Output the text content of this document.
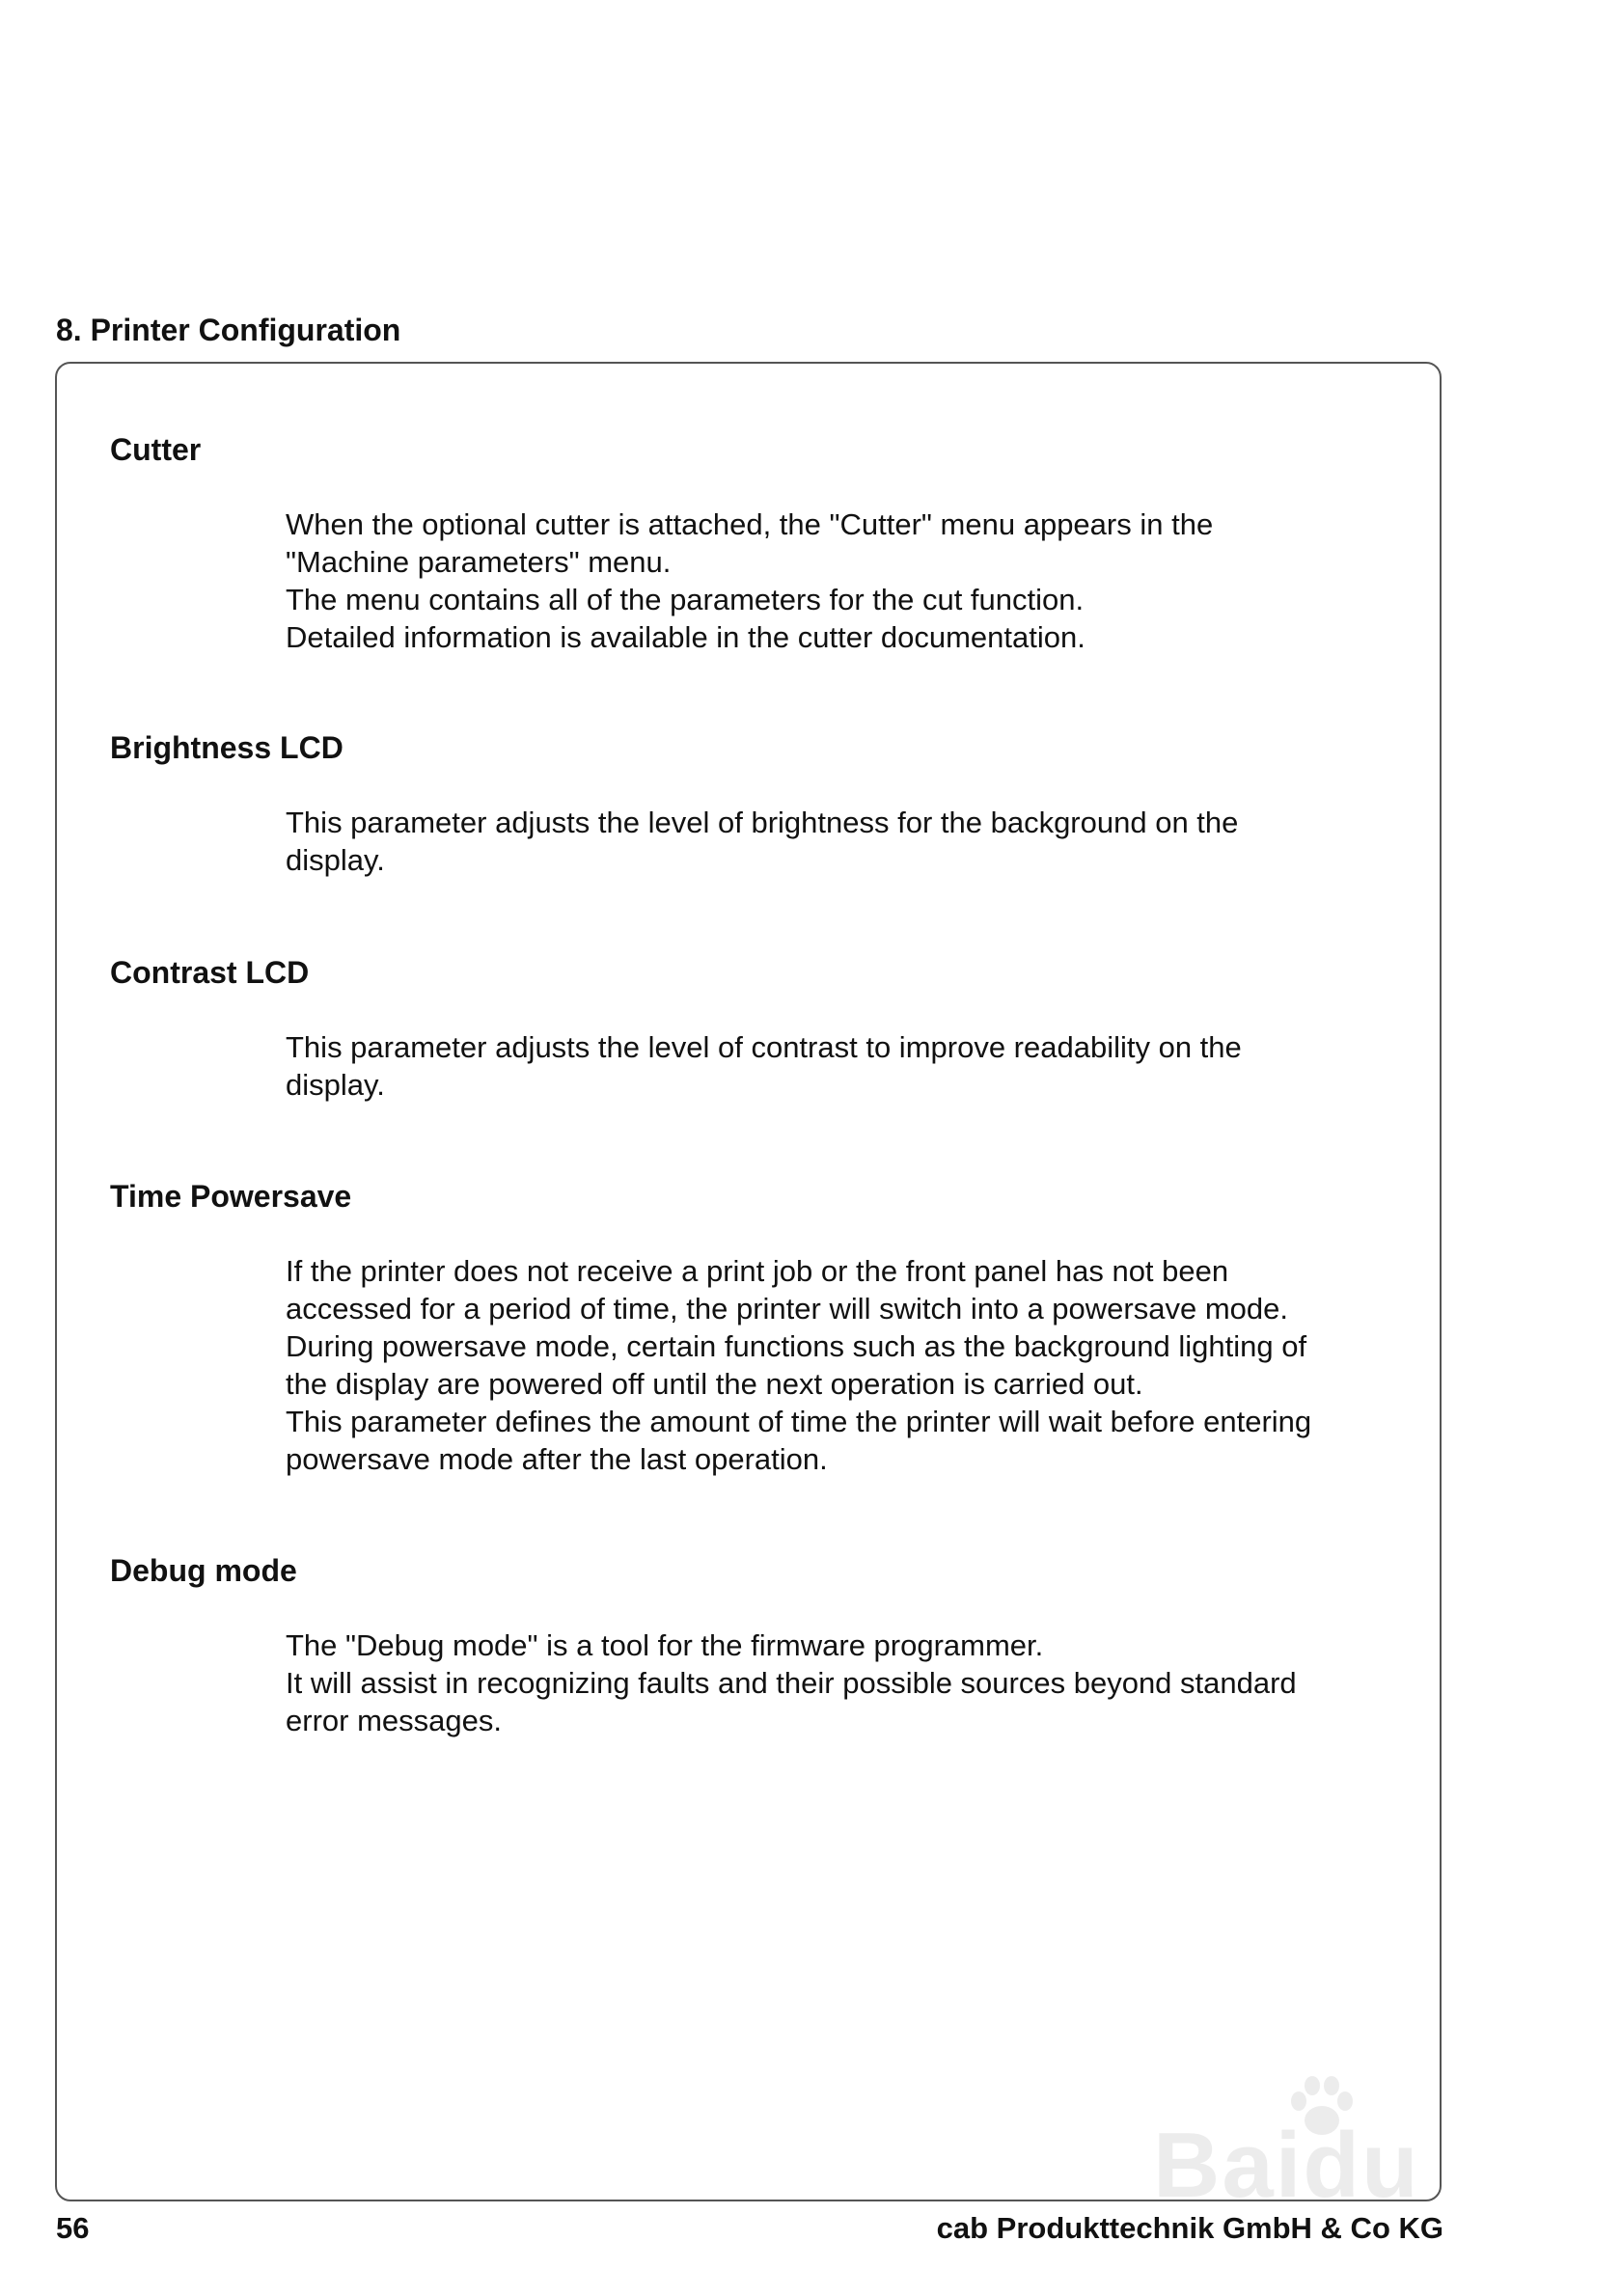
8. Printer Configuration
Cutter

When the optional cutter is attached, the "Cutter" menu appears in the
"Machine parameters" menu.
The menu contains all of the parameters for the cut function.
Detailed information is available in the cutter documentation.

Brightness LCD

This parameter adjusts the level of brightness for the background on the
display.

Contrast LCD

This parameter adjusts the level of contrast to improve readability on the
display.

Time Powersave

If the printer does not receive a print job or the front panel has not been
accessed for a period of time, the printer will switch into a powersave mode.
During powersave mode, certain functions such as the background lighting of
the display are powered off until the next operation is carried out.
This parameter defines the amount of time the printer will wait before entering
powersave mode after the last operation.

Debug mode

The "Debug mode" is a tool for the firmware programmer.
It will assist in recognizing faults and their possible sources beyond standard
error messages.

56	cab Produkttechnik GmbH & Co KG
Baidu
